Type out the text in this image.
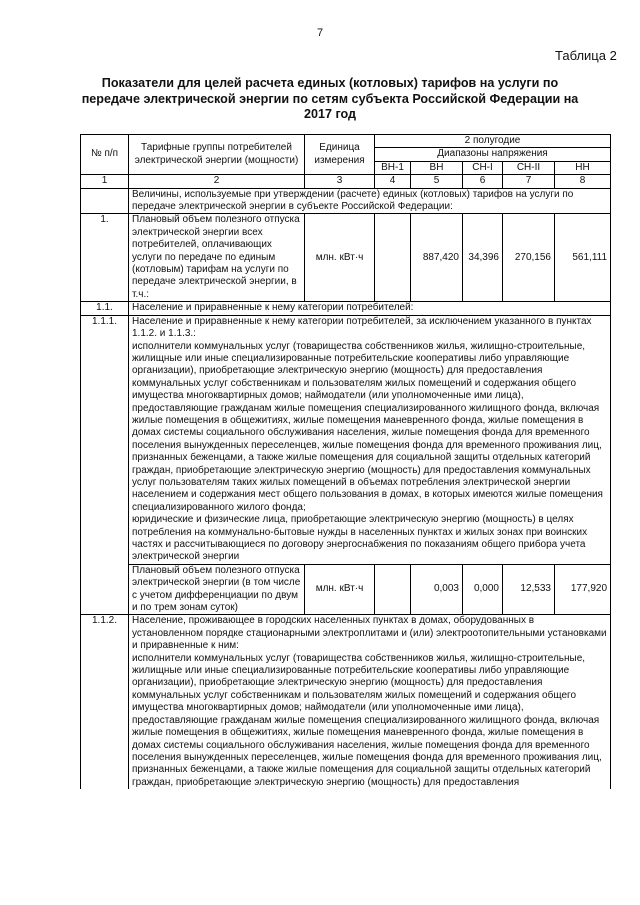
7
Таблица 2
Показатели для целей расчета единых (котловых) тарифов на услуги по передаче электрической энергии по сетям субъекта Российской Федерации на 2017 год
№ п/п	Тарифные группы потребителей электрической энергии (мощности)	Единица измерения	2 полугодие				
			Диапазоны напряжения				
			ВН-1	ВН	СН-I	СН-II	НН
1	2	3	4	5	6	7	8
	Величины, используемые при утверждении (расчете) единых (котловых) тарифов на услуги по передаче электрической энергии в субъекте Российской Федерации:						
1.	Плановый объем полезного отпуска электрической энергии всех потребителей, оплачивающих услуги по передаче по единым (котловым) тарифам на услуги по передаче электрической энергии, в т.ч.:	млн. кВт·ч		887,420	34,396	270,156	561,111
1.1.	Население и приравненные к нему категории потребителей:						
1.1.1.	Население и приравненные к нему категории потребителей, за исключением указанного в пунктах 1.1.2. и 1.1.3.:
исполнители коммунальных услуг (товарищества собственников жилья, жилищно-строительные, жилищные или иные специализированные потребительские кооперативы либо управляющие организации), приобретающие электрическую энергию (мощность) для предоставления коммунальных услуг собственникам и пользователям жилых помещений и содержания общего имущества многоквартирных домов; наймодатели (или уполномоченные ими лица), предоставляющие гражданам жилые помещения специализированного жилищного фонда, включая жилые помещения в общежитиях, жилые помещения маневренного фонда, жилые помещения в домах системы социального обслуживания населения, жилые помещения фонда для временного поселения вынужденных переселенцев, жилые помещения фонда для временного проживания лиц, признанных беженцами, а также жилые помещения для социальной защиты отдельных категорий граждан, приобретающие электрическую энергию (мощность) для предоставления коммунальных услуг пользователям таких жилых помещений в объемах потребления электрической энергии населением и содержания мест общего пользования в домах, в которых имеются жилые помещения специализированного жилого фонда;
юридические и физические лица, приобретающие электрическую энергию (мощность) в целях потребления на коммунально-бытовые нужды в населенных пунктах и жилых зонах при воинских частях и рассчитывающиеся по договору энергоснабжения по показаниям общего прибора учета электрической энергии						
	Плановый объем полезного отпуска электрической энергии (в том числе с учетом дифференциации по двум и по трем зонам суток)	млн. кВт·ч		0,003	0,000	12,533	177,920
1.1.2.	Население, проживающее в городских населенных пунктах в домах, оборудованных в установленном порядке стационарными электроплитами и (или) электроотопительными установками и приравненные к ним:
исполнители коммунальных услуг (товарищества собственников жилья, жилищно-строительные, жилищные или иные специализированные потребительские кооперативы либо управляющие организации), приобретающие электрическую энергию (мощность) для предоставления коммунальных услуг собственникам и пользователям жилых помещений и содержания общего имущества многоквартирных домов; наймодатели (или уполномоченные ими лица), предоставляющие гражданам жилые помещения специализированного жилищного фонда, включая жилые помещения в общежитиях, жилые помещения маневренного фонда, жилые помещения в домах системы социального обслуживания населения, жилые помещения фонда для временного поселения вынужденных переселенцев, жилые помещения фонда для временного проживания лиц, признанных беженцами, а также жилые помещения для социальной защиты отдельных категорий граждан, приобретающие электрическую энергию (мощность) для предоставления						
